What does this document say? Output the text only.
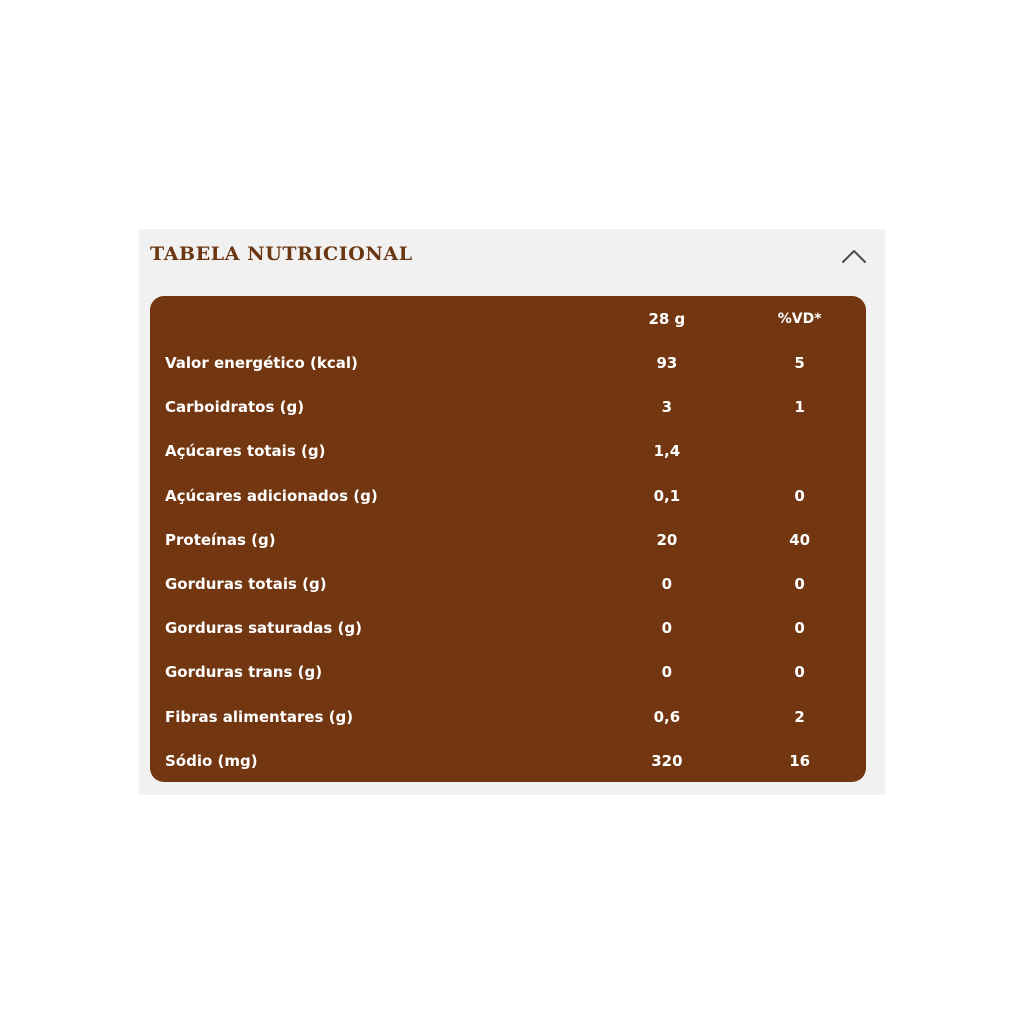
TABELA NUTRICIONAL
	28 g	%VD*
Valor energético (kcal)	93	5
Carboidratos (g)	3	1
Açúcares totais (g)	1,4	
Açúcares adicionados (g)	0,1	0
Proteínas (g)	20	40
Gorduras totais (g)	0	0
Gorduras saturadas (g)	0	0
Gorduras trans (g)	0	0
Fibras alimentares (g)	0,6	2
Sódio (mg)	320	16
